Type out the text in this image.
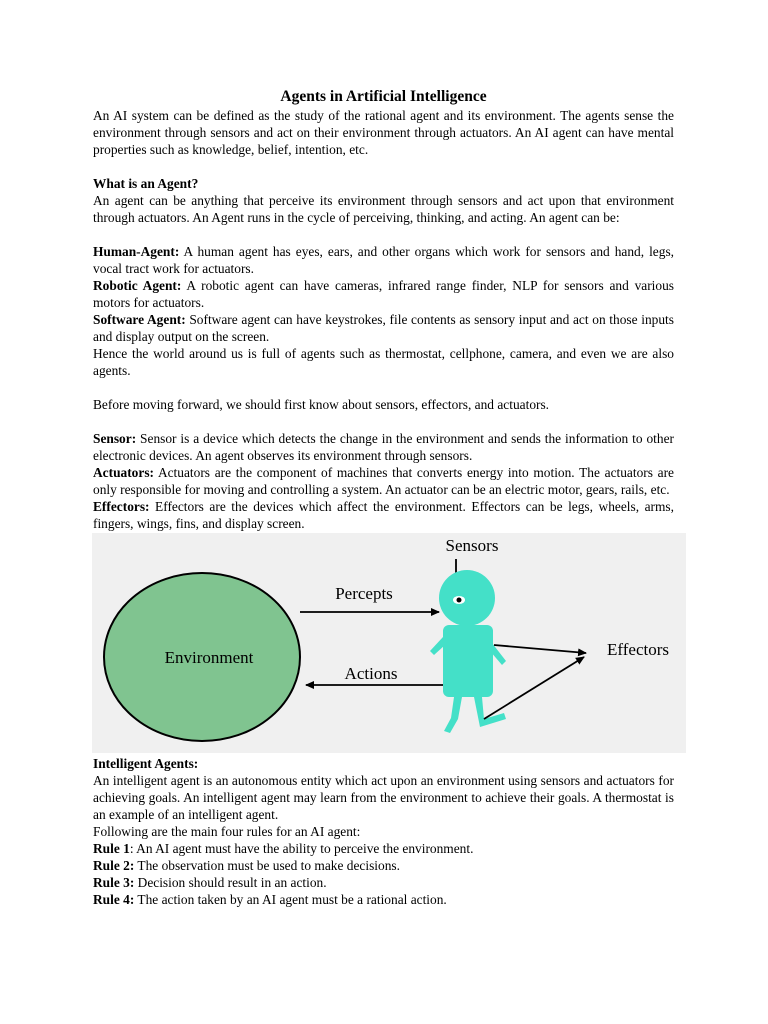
Agents in Artificial Intelligence

An AI system can be defined as the study of the rational agent and its environment. The agents sense the environment through sensors and act on their environment through actuators. An AI agent can have mental properties such as knowledge, belief, intention, etc.

What is an Agent?

An agent can be anything that perceive its environment through sensors and act upon that environment through actuators. An Agent runs in the cycle of perceiving, thinking, and acting. An agent can be:

Human-Agent: A human agent has eyes, ears, and other organs which work for sensors and hand, legs, vocal tract work for actuators.

Robotic Agent: A robotic agent can have cameras, infrared range finder, NLP for sensors and various motors for actuators.

Software Agent: Software agent can have keystrokes, file contents as sensory input and act on those inputs and display output on the screen.

Hence the world around us is full of agents such as thermostat, cellphone, camera, and even we are also agents.

Before moving forward, we should first know about sensors, effectors, and actuators.

Sensor: Sensor is a device which detects the change in the environment and sends the information to other electronic devices. An agent observes its environment through sensors.

Actuators: Actuators are the component of machines that converts energy into motion. The actuators are only responsible for moving and controlling a system. An actuator can be an electric motor, gears, rails, etc.

Effectors: Effectors are the devices which affect the environment. Effectors can be legs, wheels, arms, fingers, wings, fins, and display screen.

Environment
Percepts
Actions
Sensors
Effectors

Intelligent Agents:

An intelligent agent is an autonomous entity which act upon an environment using sensors and actuators for achieving goals. An intelligent agent may learn from the environment to achieve their goals. A thermostat is an example of an intelligent agent.

Following are the main four rules for an AI agent:

Rule 1: An AI agent must have the ability to perceive the environment.

Rule 2: The observation must be used to make decisions.

Rule 3: Decision should result in an action.

Rule 4: The action taken by an AI agent must be a rational action.
